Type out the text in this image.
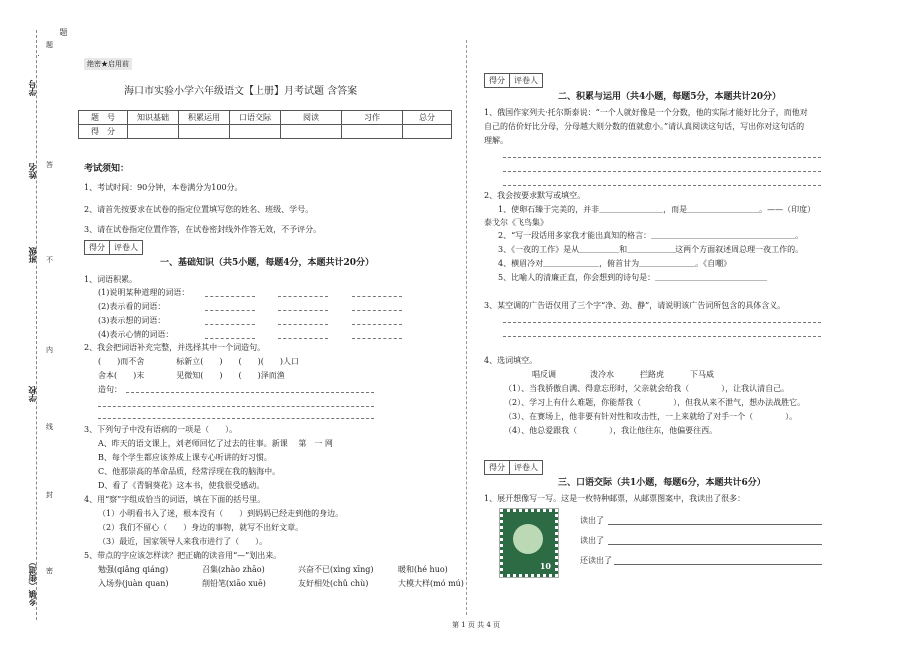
题
学号
姓名
班级
学校
乡镇（街道）
题
答
不
内
线
封
密
绝密★启用前
海口市实验小学六年级语文【上册】月考试题 含答案
题　号	知识基础	积累运用	口语交际	阅读	习作	总分
得　分						
考试须知：
1、考试时间：90分钟，本卷满分为100分。
2、请首先按要求在试卷的指定位置填写您的姓名、班级、学号。
3、请在试卷指定位置作答，在试卷密封线外作答无效，不予评分。
得分	评卷人
一、基础知识（共5小题，每题4分，本题共计20分）
1、词语积累。
(1)说明某种道理的词语：
(2)表示看的词语：
(3)表示想的词语：
(4)表示心情的词语：
2、我会把词语补充完整，并选择其中一个词造句。
(　　)而不舍　　　　标新立(　　)　　(　　)(　　)人口
舍本(　　)末　　　　见微知(　　)　　(　　)泽而渔
造句：
3、下列句子中没有语病的一项是（　　）。
A、昨天的语文课上，刘老师回忆了过去的往事。新课　 第　一 网
B、每个学生都应该养成上课专心听讲的好习惯。
C、他那崇高的革命品质，经常浮现在我的脑海中。
D、看了《青铜葵花》这本书，使我很受感动。
4、用“察”字组成恰当的词语，填在下面的括号里。
（1）小明看书入了迷，根本没有（　　）到妈妈已经走到他的身边。
（2）我们不留心（　　）身边的事物，就写不出好文章。
（3）最近，国家领导人来我市进行了（　　）。
5、带点的字应该怎样读？把正确的读音用“—”划出来。
勉强(qiǎng qiáng)	召集(zhào zhāo)	兴奋不已(xìng xīng)	暖和(hé huo)
入场券(juàn quan)	削铅笔(xiāo xuē)	友好相处(chǔ chù)	大模大样(mó mú)
得分	评卷人
二、积累与运用（共4小题，每题5分，本题共计20分）
1、俄国作家列夫·托尔斯泰说：“一个人就好像是一个分数，他的实际才能好比分子，而他对
自己的估价好比分母，分母越大则分数的值就愈小。”请认真阅读这句话，写出你对这句话的
理解。
2、我会按要求默写或填空。
1、使卵石臻于完美的，并非＿＿＿＿＿＿＿＿，而是＿＿＿＿＿＿＿＿＿。——（印度）
泰戈尔《飞鸟集》
2、“写一段话用多家我才能出真知的格言：＿＿＿＿＿＿＿＿＿＿＿＿＿＿＿＿＿＿。
3、《一夜的工作》是从＿＿＿＿＿和＿＿＿＿＿＿这两个方面叙述周总理一夜工作的。
4、横眉冷对＿＿＿＿＿＿＿，俯首甘为＿＿＿＿＿＿＿。《自嘲》
5、比喻人的清廉正直，你会想到的诗句是：＿＿＿＿＿＿＿＿＿＿＿＿＿＿
3、某空调的广告语仅用了三个字“净、劲、静”，请说明该广告词所包含的具体含义。
4、选词填空。
唱反调	泼冷水	拦路虎	下马威
（1）、当我骄傲自满、得意忘形时，父亲就会给我（　　　　），让我认清自己。
（2）、学习上有什么难题，你能帮我（　　　　），但我从来不泄气，想办法战胜它。
（3）、在赛场上，他非要有针对性和攻击性，一上来就给了对手一个（　　　　）。
（4）、他总爱跟我（　　　　），我让他往东，他偏要往西。
得分	评卷人
三、口语交际（共1小题，每题6分，本题共计6分）
1、展开想像写一写。这是一枚特种邮票，从邮票图案中，我读出了很多：
10
读出了
读出了
还读出了
第 1 页 共 4 页
